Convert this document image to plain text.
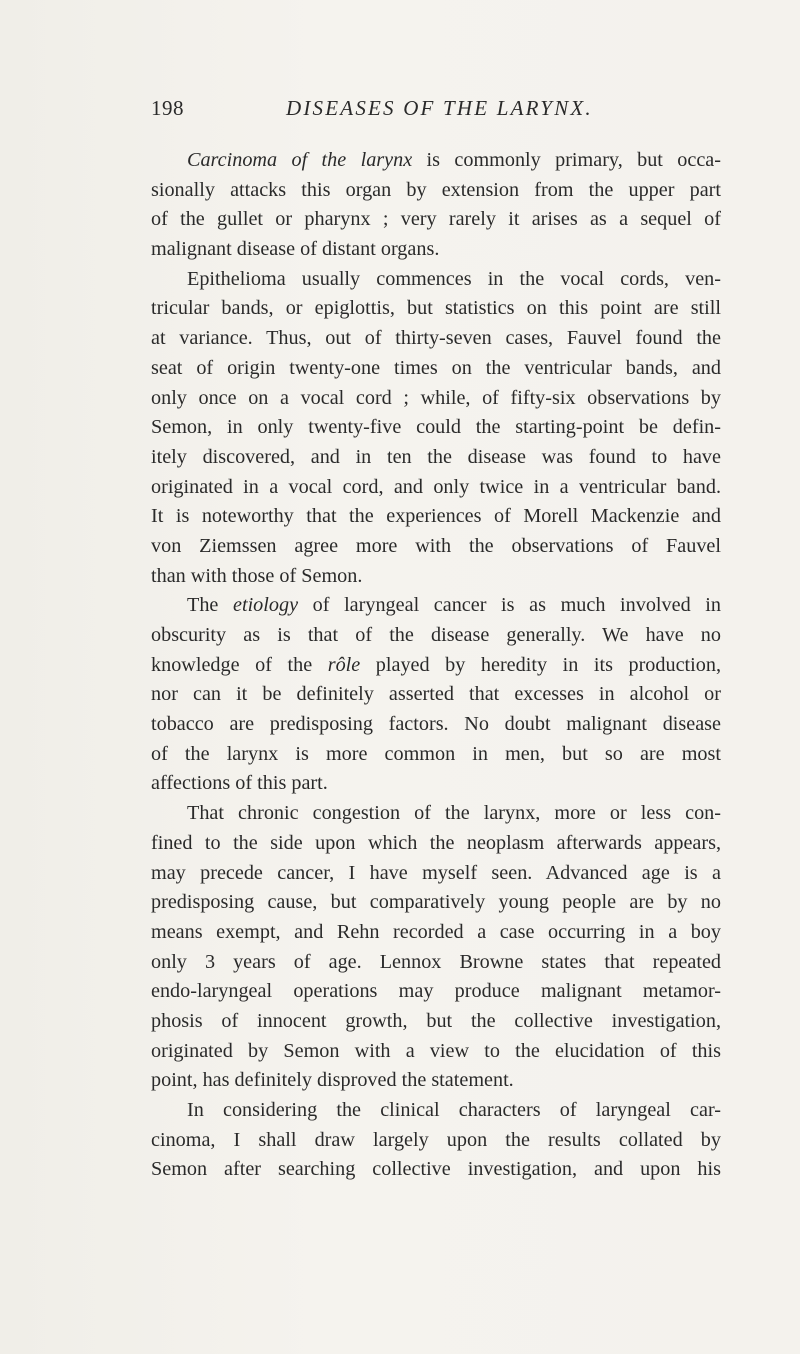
198	DISEASES OF THE LARYNX.
Carcinoma of the larynx is commonly primary, but occa-
sionally attacks this organ by extension from the upper part
of the gullet or pharynx ; very rarely it arises as a sequel of
malignant disease of distant organs.
Epithelioma usually commences in the vocal cords, ven-
tricular bands, or epiglottis, but statistics on this point are still
at variance. Thus, out of thirty-seven cases, Fauvel found the
seat of origin twenty-one times on the ventricular bands, and
only once on a vocal cord ; while, of fifty-six observations by
Semon, in only twenty-five could the starting-point be defin-
itely discovered, and in ten the disease was found to have
originated in a vocal cord, and only twice in a ventricular band.
It is noteworthy that the experiences of Morell Mackenzie and
von Ziemssen agree more with the observations of Fauvel
than with those of Semon.
The etiology of laryngeal cancer is as much involved in
obscurity as is that of the disease generally. We have no
knowledge of the rôle played by heredity in its production,
nor can it be definitely asserted that excesses in alcohol or
tobacco are predisposing factors. No doubt malignant disease
of the larynx is more common in men, but so are most
affections of this part.
That chronic congestion of the larynx, more or less con-
fined to the side upon which the neoplasm afterwards appears,
may precede cancer, I have myself seen. Advanced age is a
predisposing cause, but comparatively young people are by no
means exempt, and Rehn recorded a case occurring in a boy
only 3 years of age. Lennox Browne states that repeated
endo-laryngeal operations may produce malignant metamor-
phosis of innocent growth, but the collective investigation,
originated by Semon with a view to the elucidation of this
point, has definitely disproved the statement.
In considering the clinical characters of laryngeal car-
cinoma, I shall draw largely upon the results collated by
Semon after searching collective investigation, and upon his
